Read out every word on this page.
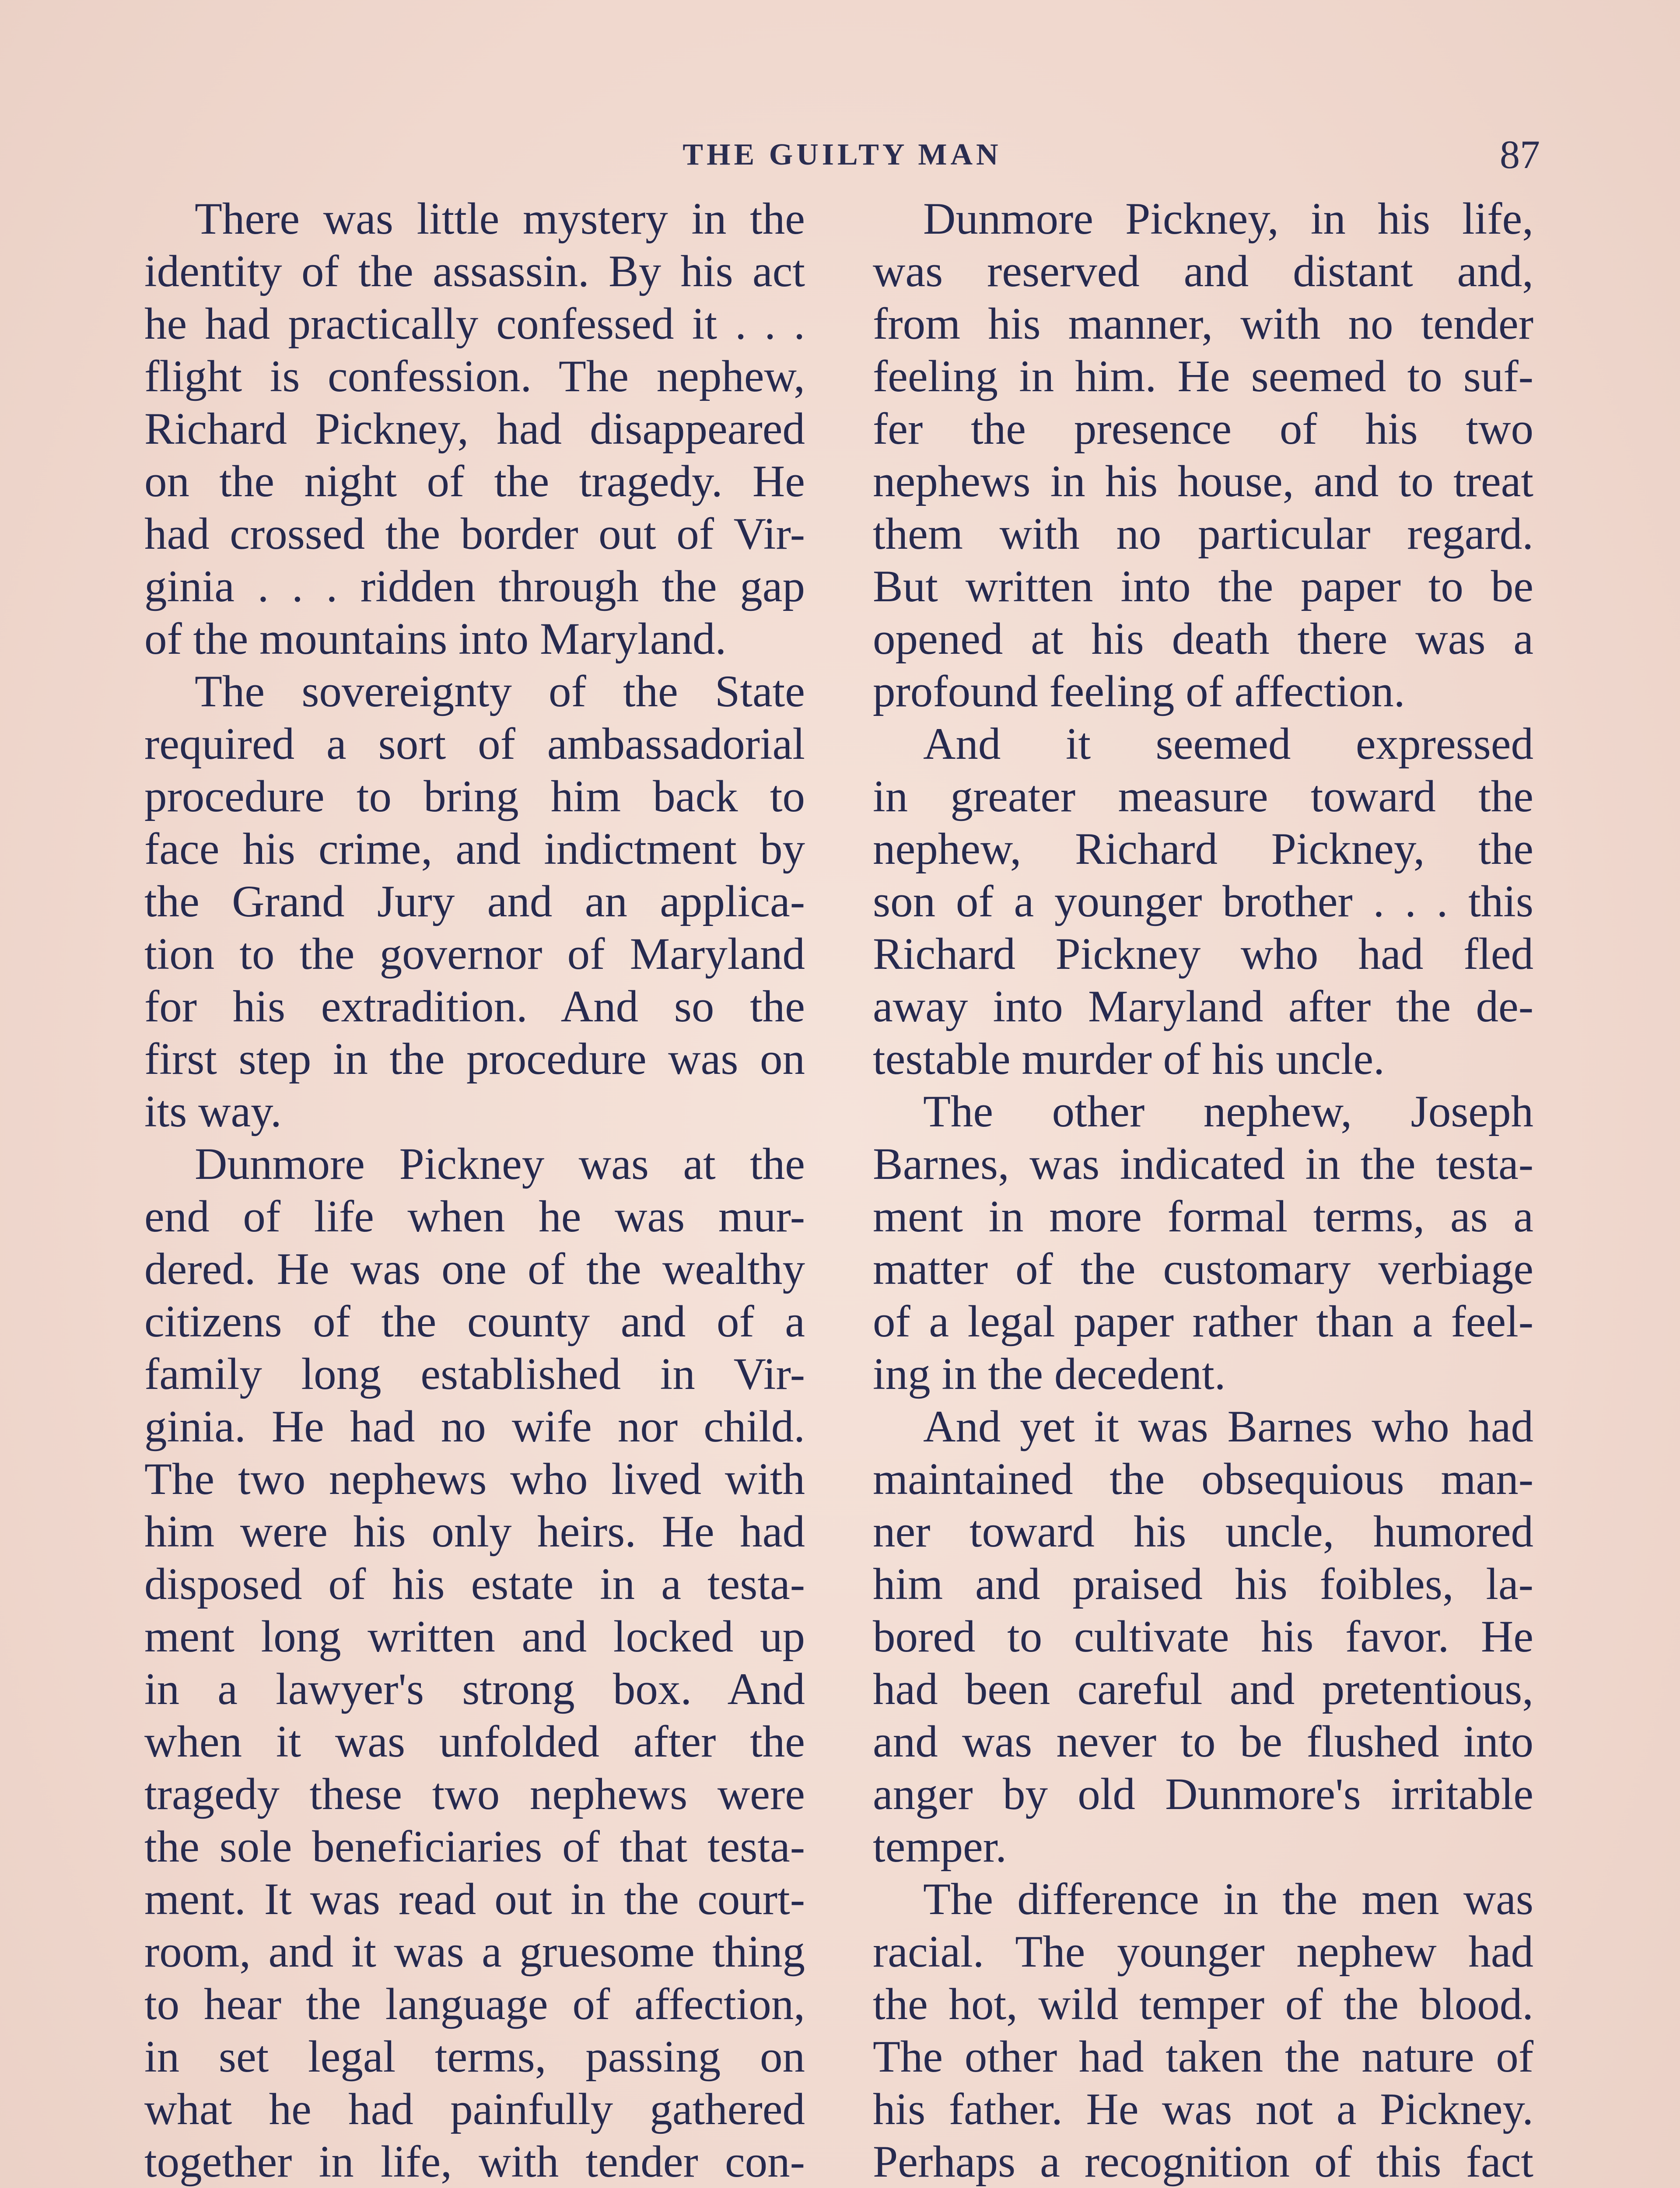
THE GUILTY MAN	87
There was little mystery in the
identity of the assassin. By his act
he had practically confessed it . . .
flight is confession. The nephew,
Richard Pickney, had disappeared
on the night of the tragedy. He
had crossed the border out of Vir-
ginia . . . ridden through the gap
of the mountains into Maryland.
The sovereignty of the State
required a sort of ambassadorial
procedure to bring him back to
face his crime, and indictment by
the Grand Jury and an applica-
tion to the governor of Maryland
for his extradition. And so the
first step in the procedure was on
its way.
Dunmore Pickney was at the
end of life when he was mur-
dered. He was one of the wealthy
citizens of the county and of a
family long established in Vir-
ginia. He had no wife nor child.
The two nephews who lived with
him were his only heirs. He had
disposed of his estate in a testa-
ment long written and locked up
in a lawyer's strong box. And
when it was unfolded after the
tragedy these two nephews were
the sole beneficiaries of that testa-
ment. It was read out in the court-
room, and it was a gruesome thing
to hear the language of affection,
in set legal terms, passing on
what he had painfully gathered
together in life, with tender con-
Dunmore Pickney, in his life,
was reserved and distant and,
from his manner, with no tender
feeling in him. He seemed to suf-
fer the presence of his two
nephews in his house, and to treat
them with no particular regard.
But written into the paper to be
opened at his death there was a
profound feeling of affection.
And it seemed expressed
in greater measure toward the
nephew, Richard Pickney, the
son of a younger brother . . . this
Richard Pickney who had fled
away into Maryland after the de-
testable murder of his uncle.
The other nephew, Joseph
Barnes, was indicated in the testa-
ment in more formal terms, as a
matter of the customary verbiage
of a legal paper rather than a feel-
ing in the decedent.
And yet it was Barnes who had
maintained the obsequious man-
ner toward his uncle, humored
him and praised his foibles, la-
bored to cultivate his favor. He
had been careful and pretentious,
and was never to be flushed into
anger by old Dunmore's irritable
temper.
The difference in the men was
racial. The younger nephew had
the hot, wild temper of the blood.
The other had taken the nature of
his father. He was not a Pickney.
Perhaps a recognition of this fact
